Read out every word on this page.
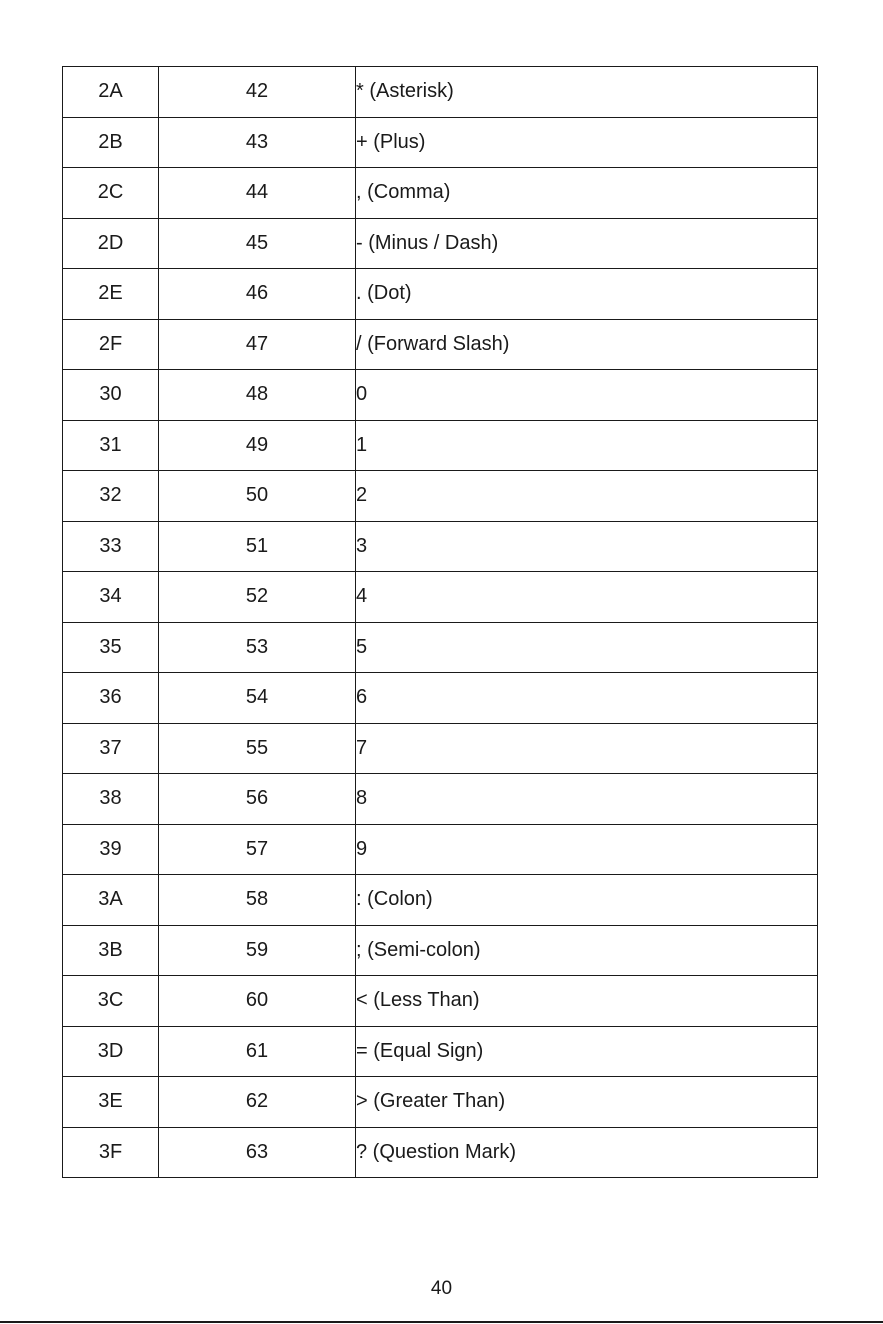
2A	42	* (Asterisk)
2B	43	+ (Plus)
2C	44	, (Comma)
2D	45	- (Minus / Dash)
2E	46	. (Dot)
2F	47	/ (Forward Slash)
30	48	0
31	49	1
32	50	2
33	51	3
34	52	4
35	53	5
36	54	6
37	55	7
38	56	8
39	57	9
3A	58	: (Colon)
3B	59	; (Semi-colon)
3C	60	< (Less Than)
3D	61	= (Equal Sign)
3E	62	> (Greater Than)
3F	63	? (Question Mark)
40
